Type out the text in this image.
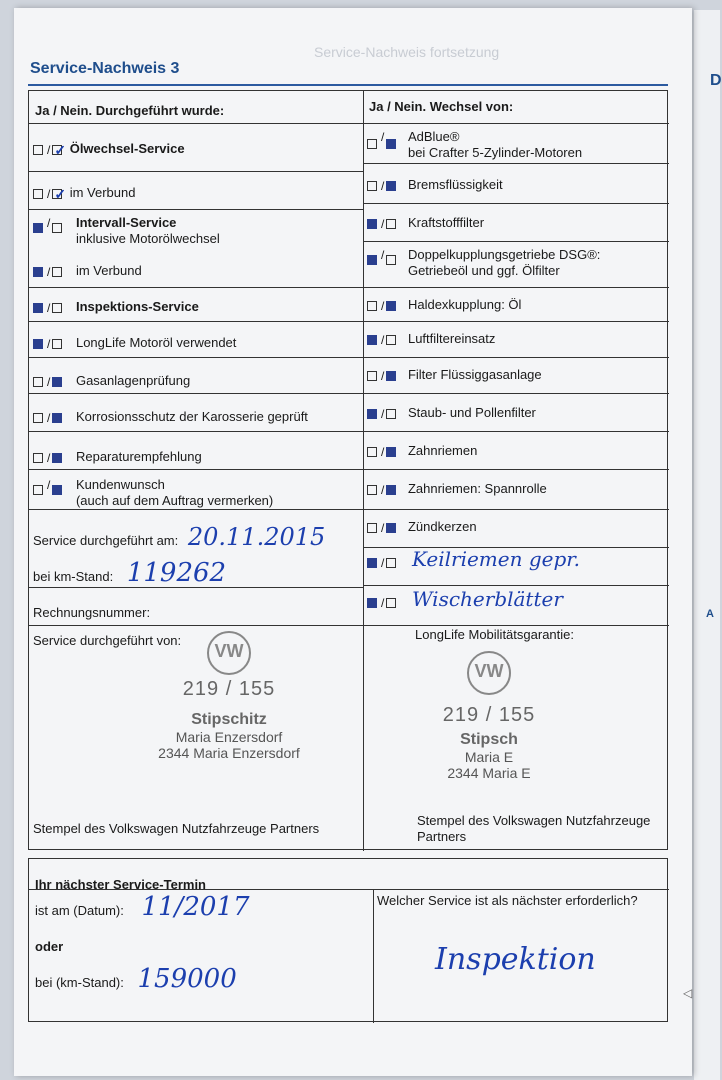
D
A
Service-Nachweis fortsetzung
Service-Nachweis 3
Ja / Nein. Durchgeführt wurde:	Ja / Nein. Wechsel von:
/ ✓ Ölwechsel-Service
/ ✓ im Verbund
/ Intervall-Service
inklusive Motorölwechsel
/ im Verbund
/ Inspektions-Service
/ LongLife Motoröl verwendet
/ Gasanlagenprüfung
/ Korrosionsschutz der Karosserie geprüft
/ Reparaturempfehlung
/ Kundenwunsch
(auch auf dem Auftrag vermerken)
Service durchgeführt am: 20.11.2015
bei km-Stand: 119262
Rechnungsnummer:
/ AdBlue®
bei Crafter 5-Zylinder-Motoren
/ Bremsflüssigkeit
/ Kraftstofffilter
/ Doppelkupplungsgetriebe DSG®:
Getriebeöl und ggf. Ölfilter
/ Haldexkupplung: Öl
/ Luftfiltereinsatz
/ Filter Flüssiggasanlage
/ Staub- und Pollenfilter
/ Zahnriemen
/ Zahnriemen: Spannrolle
/ Zündkerzen
/ Keilriemen gepr.
/ Wischerblätter
Service durchgeführt von:
VW
219 / 155
Stipschitz
Maria Enzersdorf
2344 Maria Enzersdorf
Stempel des Volkswagen Nutzfahrzeuge Partners
LongLife Mobilitätsgarantie:
VW
219 / 155
Stipsch
Maria E
2344 Maria E
Stempel des Volkswagen Nutzfahrzeuge Partners
Ihr nächster Service-Termin
ist am (Datum): 11/2017
oder
bei (km-Stand): 159000
Welcher Service ist als nächster erforderlich?
Inspektion
◁
